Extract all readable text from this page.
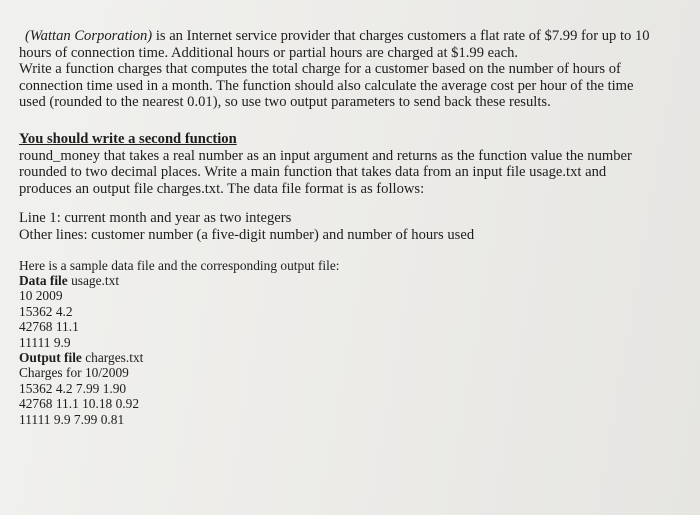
(Wattan Corporation) is an Internet service provider that charges customers a flat rate of $7.99 for up to 10
hours of connection time. Additional hours or partial hours are charged at $1.99 each.
Write a function charges that computes the total charge for a customer based on the number of hours of
connection time used in a month. The function should also calculate the average cost per hour of the time
used (rounded to the nearest 0.01), so use two output parameters to send back these results.
You should write a second function
round_money that takes a real number as an input argument and returns as the function value the number
rounded to two decimal places. Write a main function that takes data from an input file usage.txt and
produces an output file charges.txt. The data file format is as follows:
Line 1: current month and year as two integers
Other lines: customer number (a five-digit number) and number of hours used
Here is a sample data file and the corresponding output file:
Data file usage.txt
10 2009
15362 4.2
42768 11.1
11111 9.9
Output file charges.txt
Charges for 10/2009
15362 4.2 7.99 1.90
42768 11.1 10.18 0.92
11111 9.9 7.99 0.81
